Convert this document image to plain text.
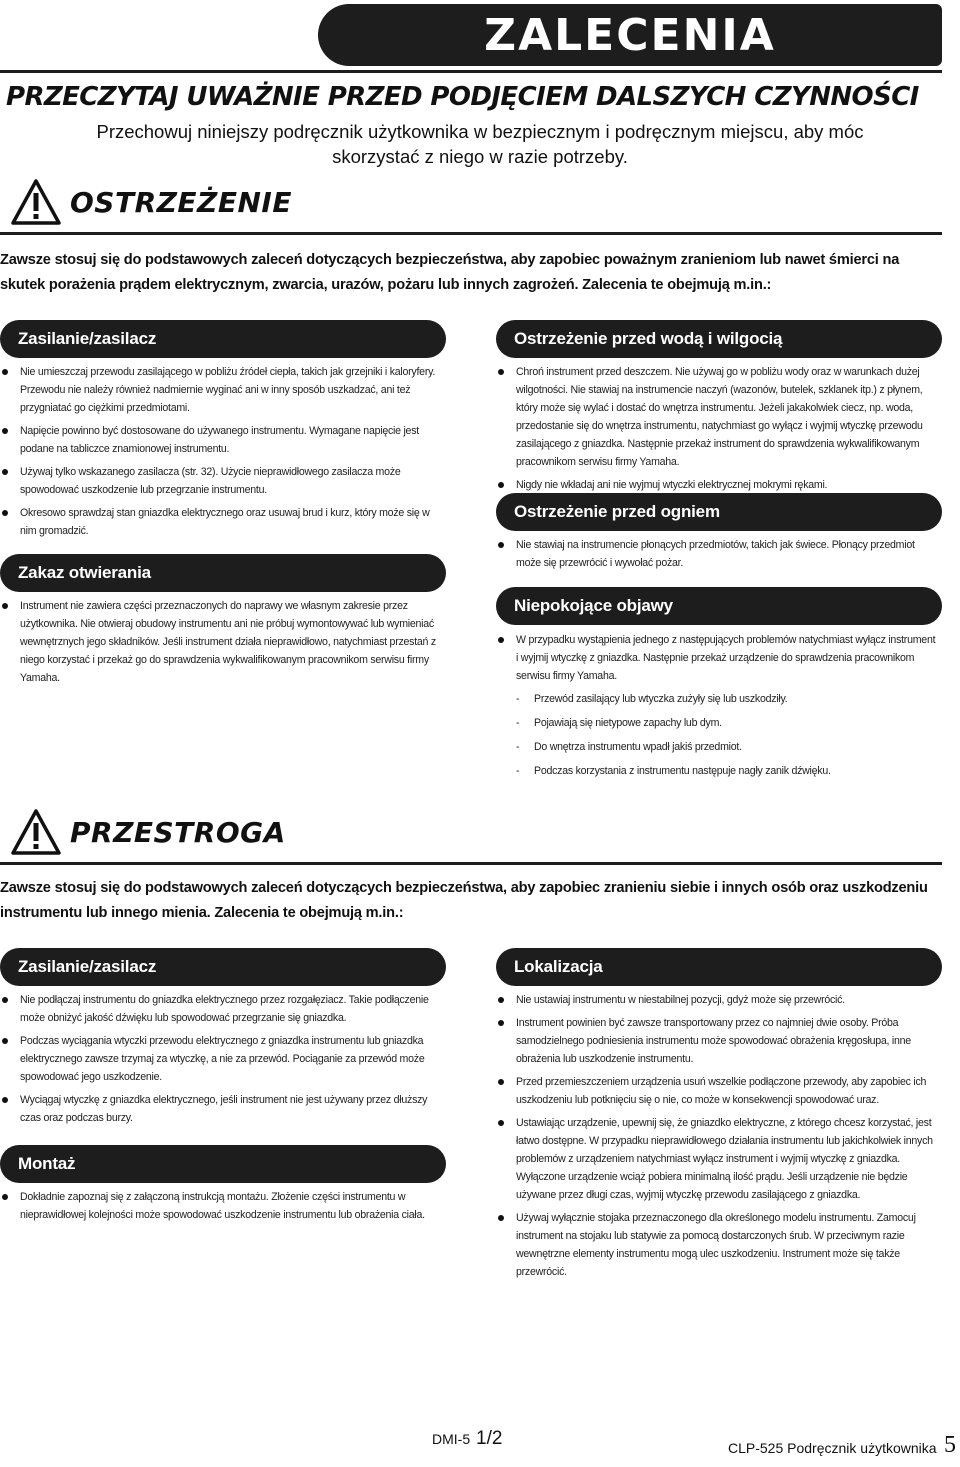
ZALECENIA
PRZECZYTAJ UWAŻNIE PRZED PODJĘCIEM DALSZYCH CZYNNOŚCI
Przechowuj niniejszy podręcznik użytkownika w bezpiecznym i podręcznym miejscu, aby móc
skorzystać z niego w razie potrzeby.
OSTRZEŻENIE
Zawsze stosuj się do podstawowych zaleceń dotyczących bezpieczeństwa, aby zapobiec poważnym zranieniom lub nawet śmierci na skutek porażenia prądem elektrycznym, zwarcia, urazów, pożaru lub innych zagrożeń. Zalecenia te obejmują m.in.:
Zasilanie/zasilacz
Nie umieszczaj przewodu zasilającego w pobliżu źródeł ciepła, takich jak grzejniki i kaloryfery. Przewodu nie należy również nadmiernie wyginać ani w inny sposób uszkadzać, ani też przygniatać go ciężkimi przedmiotami.
Napięcie powinno być dostosowane do używanego instrumentu. Wymagane napięcie jest podane na tabliczce znamionowej instrumentu.
Używaj tylko wskazanego zasilacza (str. 32). Użycie nieprawidłowego zasilacza może spowodować uszkodzenie lub przegrzanie instrumentu.
Okresowo sprawdzaj stan gniazdka elektrycznego oraz usuwaj brud i kurz, który może się w nim gromadzić.
Zakaz otwierania
Instrument nie zawiera części przeznaczonych do naprawy we własnym zakresie przez użytkownika. Nie otwieraj obudowy instrumentu ani nie próbuj wymontowywać lub wymieniać wewnętrznych jego składników. Jeśli instrument działa nieprawidłowo, natychmiast przestań z niego korzystać i przekaż go do sprawdzenia wykwalifikowanym pracownikom serwisu firmy Yamaha.
Ostrzeżenie przed wodą i wilgocią
Chroń instrument przed deszczem. Nie używaj go w pobliżu wody oraz w warunkach dużej wilgotności. Nie stawiaj na instrumencie naczyń (wazonów, butelek, szklanek itp.) z płynem, który może się wylać i dostać do wnętrza instrumentu. Jeżeli jakakolwiek ciecz, np. woda, przedostanie się do wnętrza instrumentu, natychmiast go wyłącz i wyjmij wtyczkę przewodu zasilającego z gniazdka. Następnie przekaż instrument do sprawdzenia wykwalifikowanym pracownikom serwisu firmy Yamaha.
Nigdy nie wkładaj ani nie wyjmuj wtyczki elektrycznej mokrymi rękami.
Ostrzeżenie przed ogniem
Nie stawiaj na instrumencie płonących przedmiotów, takich jak świece. Płonący przedmiot może się przewrócić i wywołać pożar.
Niepokojące objawy
W przypadku wystąpienia jednego z następujących problemów natychmiast wyłącz instrument i wyjmij wtyczkę z gniazdka. Następnie przekaż urządzenie do sprawdzenia pracownikom serwisu firmy Yamaha.
- Przewód zasilający lub wtyczka zużyły się lub uszkodziły.
- Pojawiają się nietypowe zapachy lub dym.
- Do wnętrza instrumentu wpadł jakiś przedmiot.
- Podczas korzystania z instrumentu następuje nagły zanik dźwięku.
PRZESTROGA
Zawsze stosuj się do podstawowych zaleceń dotyczących bezpieczeństwa, aby zapobiec zranieniu siebie i innych osób oraz uszkodzeniu instrumentu lub innego mienia. Zalecenia te obejmują m.in.:
Zasilanie/zasilacz
Nie podłączaj instrumentu do gniazdka elektrycznego przez rozgałęziacz. Takie podłączenie może obniżyć jakość dźwięku lub spowodować przegrzanie się gniazdka.
Podczas wyciągania wtyczki przewodu elektrycznego z gniazdka instrumentu lub gniazdka elektrycznego zawsze trzymaj za wtyczkę, a nie za przewód. Pociąganie za przewód może spowodować jego uszkodzenie.
Wyciągaj wtyczkę z gniazdka elektrycznego, jeśli instrument nie jest używany przez dłuższy czas oraz podczas burzy.
Montaż
Dokładnie zapoznaj się z załączoną instrukcją montażu. Złożenie części instrumentu w nieprawidłowej kolejności może spowodować uszkodzenie instrumentu lub obrażenia ciała.
Lokalizacja
Nie ustawiaj instrumentu w niestabilnej pozycji, gdyż może się przewrócić.
Instrument powinien być zawsze transportowany przez co najmniej dwie osoby. Próba samodzielnego podniesienia instrumentu może spowodować obrażenia kręgosłupa, inne obrażenia lub uszkodzenie instrumentu.
Przed przemieszczeniem urządzenia usuń wszelkie podłączone przewody, aby zapobiec ich uszkodzeniu lub potknięciu się o nie, co może w konsekwencji spowodować uraz.
Ustawiając urządzenie, upewnij się, że gniazdko elektryczne, z którego chcesz korzystać, jest łatwo dostępne. W przypadku nieprawidłowego działania instrumentu lub jakichkolwiek innych problemów z urządzeniem natychmiast wyłącz instrument i wyjmij wtyczkę z gniazdka. Wyłączone urządzenie wciąż pobiera minimalną ilość prądu. Jeśli urządzenie nie będzie używane przez długi czas, wyjmij wtyczkę przewodu zasilającego z gniazdka.
Używaj wyłącznie stojaka przeznaczonego dla określonego modelu instrumentu. Zamocuj instrument na stojaku lub statywie za pomocą dostarczonych śrub. W przeciwnym razie wewnętrzne elementy instrumentu mogą ulec uszkodzeniu. Instrument może się także przewrócić.
DMI-5 1/2	CLP-525 Podręcznik użytkownika 5
